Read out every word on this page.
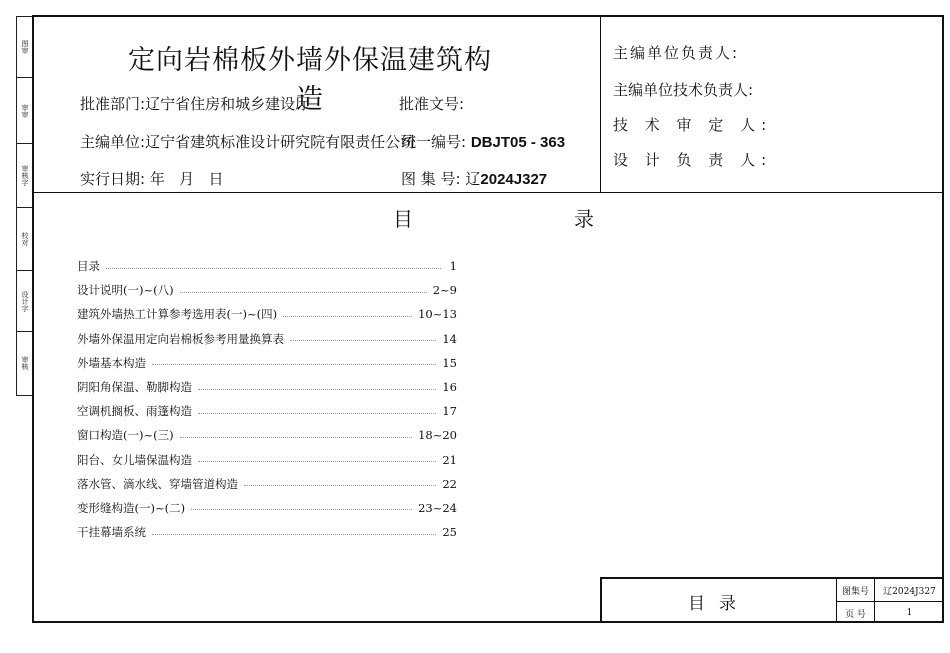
图审
审审
审核字
校对
设计字
审核
定向岩棉板外墙外保温建筑构造
批准部门:辽宁省住房和城乡建设厅	批准文号:
主编单位:辽宁省建筑标准设计研究院有限责任公司
统一编号: DBJT05 - 363
实行日期: 年   月   日	图 集 号: 辽2024J327
主编单位负责人:
主编单位技术负责人:
技 术 审 定 人:
设 计 负 责 人:
目	录
目录	1
设计说明(一)~(八)	2~9
建筑外墙热工计算参考选用表(一)~(四)	10~13
外墙外保温用定向岩棉板参考用量换算表	14
外墙基本构造	15
阴阳角保温、勒脚构造	16
空调机搁板、雨篷构造	17
窗口构造(一)~(三)	18~20
阳台、女儿墙保温构造	21
落水管、滴水线、穿墙管道构造	22
变形缝构造(一)~(二)	23~24
干挂幕墙系统	25
目录
图集号	辽2024J327
页 号	1
